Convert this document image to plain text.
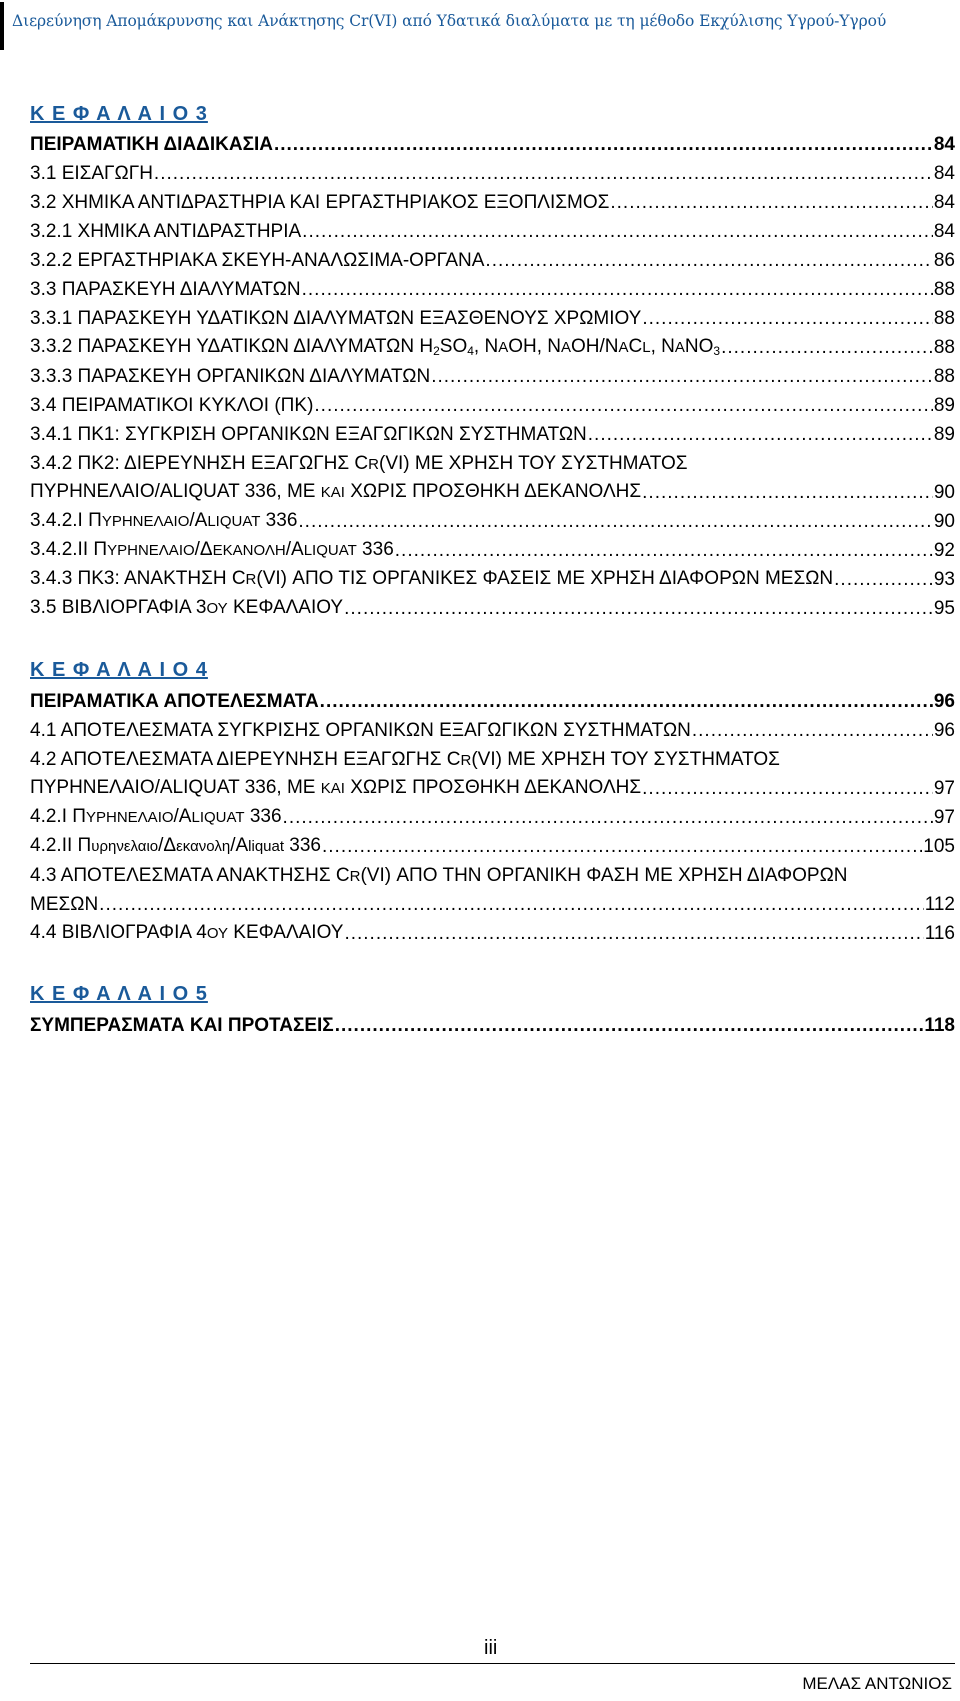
Διερεύνηση Απομάκρυνσης και Ανάκτησης Cr(VI) από Υδατικά διαλύματα με τη μέθοδο Εκχύλισης Υγρού-Υγρού
Κ Ε Φ Α Λ Α Ι Ο 3
ΠΕΙΡΑΜΑΤΙΚΗ ΔΙΑΔΙΚΑΣΙΑ .....	84
3.1 ΕΙΣΑΓΩΓΗ .....	84
3.2 ΧΗΜΙΚΑ ΑΝΤΙΔΡΑΣΤΗΡΙΑ ΚΑΙ ΕΡΓΑΣΤΗΡΙΑΚΟΣ ΕΞΟΠΛΙΣΜΟΣ .....	84
3.2.1 ΧΗΜΙΚΑ ΑΝΤΙΔΡΑΣΤΗΡΙΑ .....	84
3.2.2 ΕΡΓΑΣΤΗΡΙΑΚΑ ΣΚΕΥΗ-ΑΝΑΛΩΣΙΜΑ-ΟΡΓΑΝΑ .....	86
3.3 ΠΑΡΑΣΚΕΥΗ ΔΙΑΛΥΜΑΤΩΝ .....	88
3.3.1 ΠΑΡΑΣΚΕΥΗ ΥΔΑΤΙΚΩΝ ΔΙΑΛΥΜΑΤΩΝ ΕΞΑΣΘΕΝΟΥΣ ΧΡΩΜΙΟΥ .....	88
3.3.2 ΠΑΡΑΣΚΕΥΗ ΥΔΑΤΙΚΩΝ ΔΙΑΛΥΜΑΤΩΝ $H_2SO_4$, NAOH, NAOH/NACL, $NANO_3$ .....	88
3.3.3 ΠΑΡΑΣΚΕΥΗ ΟΡΓΑΝΙΚΩΝ ΔΙΑΛΥΜΑΤΩΝ .....	88
3.4 ΠΕΙΡΑΜΑΤΙΚΟΙ ΚΥΚΛΟΙ (ΠΚ) .....	89
3.4.1 ΠΚ1: ΣΥΓΚΡΙΣΗ ΟΡΓΑΝΙΚΩΝ ΕΞΑΓΩΓΙΚΩΝ ΣΥΣΤΗΜΑΤΩΝ .....	89
3.4.2 ΠΚ2: ΔΙΕΡΕΥΝΗΣΗ ΕΞΑΓΩΓΗΣ CR(VI) ΜΕ ΧΡΗΣΗ ΤΟΥ ΣΥΣΤΗΜΑΤΟΣ
ΠΥΡΗΝΕΛΑΙΟ/ALIQUAT 336, ΜΕ ΚΑΙ ΧΩΡΙΣ ΠΡΟΣΘΗΚΗ ΔΕΚΑΝΟΛΗΣ .....	90
3.4.2.I ΠΥΡΗΝΕΛΑΙΟ/ALIQUAT 336 .....	90
3.4.2.II ΠΥΡΗΝΕΛΑΙΟ/ΔΕΚΑΝΟΛΗ/ALIQUAT 336 .....	92
3.4.3 ΠΚ3: ΑΝΑΚΤΗΣΗ CR(VI) ΑΠΟ ΤΙΣ ΟΡΓΑΝΙΚΕΣ ΦΑΣΕΙΣ ΜΕ ΧΡΗΣΗ ΔΙΑΦΟΡΩΝ ΜΕΣΩΝ .....	93
3.5 ΒΙΒΛΙΟΡΓΑΦΙΑ 3ΟΥ ΚΕΦΑΛΑΙΟΥ .....	95
Κ Ε Φ Α Λ Α Ι Ο 4
ΠΕΙΡΑΜΑΤΙΚΑ ΑΠΟΤΕΛΕΣΜΑΤΑ .....	96
4.1 ΑΠΟΤΕΛΕΣΜΑΤΑ ΣΥΓΚΡΙΣΗΣ ΟΡΓΑΝΙΚΩΝ ΕΞΑΓΩΓΙΚΩΝ ΣΥΣΤΗΜΑΤΩΝ .....	96
4.2 ΑΠΟΤΕΛΕΣΜΑΤΑ ΔΙΕΡΕΥΝΗΣΗ ΕΞΑΓΩΓΗΣ CR(VI) ΜΕ ΧΡΗΣΗ ΤΟΥ ΣΥΣΤΗΜΑΤΟΣ
ΠΥΡΗΝΕΛΑΙΟ/ALIQUAT 336, ΜΕ ΚΑΙ ΧΩΡΙΣ ΠΡΟΣΘΗΚΗ ΔΕΚΑΝΟΛΗΣ .....	97
4.2.I ΠΥΡΗΝΕΛΑΙΟ/ALIQUAT 336 .....	97
4.2.II Πυρηνελαιο/Δεκανολη/Aliquat 336 .....	105
4.3 ΑΠΟΤΕΛΕΣΜΑΤΑ ΑΝΑΚΤΗΣΗΣ CR(VI) ΑΠΟ ΤΗΝ ΟΡΓΑΝΙΚΗ ΦΑΣΗ ΜΕ ΧΡΗΣΗ ΔΙΑΦΟΡΩΝ
ΜΕΣΩΝ .....	112
4.4 ΒΙΒΛΙΟΓΡΑΦΙΑ 4ΟΥ ΚΕΦΑΛΑΙΟΥ .....	116
Κ Ε Φ Α Λ Α Ι Ο 5
ΣΥΜΠΕΡΑΣΜΑΤΑ ΚΑΙ ΠΡΟΤΑΣΕΙΣ .....	118
iii
ΜΕΛΑΣ ΑΝΤΩΝΙΟΣ
